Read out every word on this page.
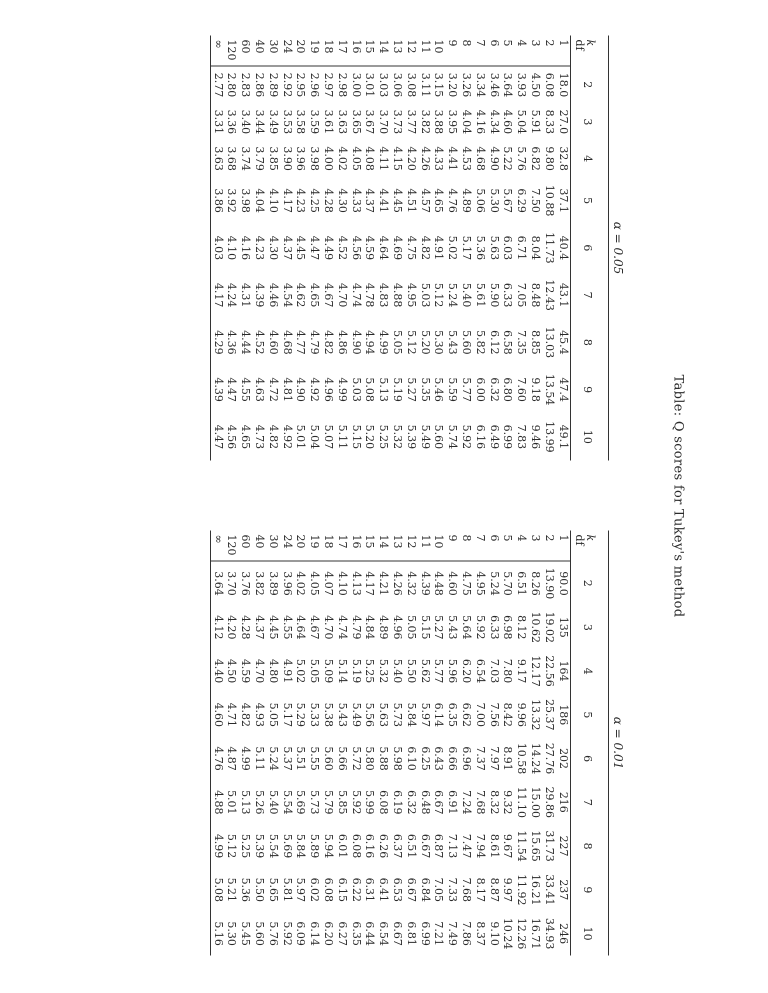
Table: Q scores for Tukey's method
α = 0.05
k	2	3	4	5	6	7	8	9	10
df									
1	18.0	27.0	32.8	37.1	40.4	43.1	45.4	47.4	49.1
2	6.08	8.33	9.80	10.88	11.73	12.43	13.03	13.54	13.99
3	4.50	5.91	6.82	7.50	8.04	8.48	8.85	9.18	9.46
4	3.93	5.04	5.76	6.29	6.71	7.05	7.35	7.60	7.83
5	3.64	4.60	5.22	5.67	6.03	6.33	6.58	6.80	6.99
6	3.46	4.34	4.90	5.30	5.63	5.90	6.12	6.32	6.49
7	3.34	4.16	4.68	5.06	5.36	5.61	5.82	6.00	6.16
8	3.26	4.04	4.53	4.89	5.17	5.40	5.60	5.77	5.92
9	3.20	3.95	4.41	4.76	5.02	5.24	5.43	5.59	5.74
10	3.15	3.88	4.33	4.65	4.91	5.12	5.30	5.46	5.60
11	3.11	3.82	4.26	4.57	4.82	5.03	5.20	5.35	5.49
12	3.08	3.77	4.20	4.51	4.75	4.95	5.12	5.27	5.39
13	3.06	3.73	4.15	4.45	4.69	4.88	5.05	5.19	5.32
14	3.03	3.70	4.11	4.41	4.64	4.83	4.99	5.13	5.25
15	3.01	3.67	4.08	4.37	4.59	4.78	4.94	5.08	5.20
16	3.00	3.65	4.05	4.33	4.56	4.74	4.90	5.03	5.15
17	2.98	3.63	4.02	4.30	4.52	4.70	4.86	4.99	5.11
18	2.97	3.61	4.00	4.28	4.49	4.67	4.82	4.96	5.07
19	2.96	3.59	3.98	4.25	4.47	4.65	4.79	4.92	5.04
20	2.95	3.58	3.96	4.23	4.45	4.62	4.77	4.90	5.01
24	2.92	3.53	3.90	4.17	4.37	4.54	4.68	4.81	4.92
30	2.89	3.49	3.85	4.10	4.30	4.46	4.60	4.72	4.82
40	2.86	3.44	3.79	4.04	4.23	4.39	4.52	4.63	4.73
60	2.83	3.40	3.74	3.98	4.16	4.31	4.44	4.55	4.65
120	2.80	3.36	3.68	3.92	4.10	4.24	4.36	4.47	4.56
∞	2.77	3.31	3.63	3.86	4.03	4.17	4.29	4.39	4.47
α = 0.01
k	2	3	4	5	6	7	8	9	10
df									
1	90.0	135	164	186	202	216	227	237	246
2	13.90	19.02	22.56	25.37	27.76	29.86	31.73	33.41	34.93
3	8.26	10.62	12.17	13.32	14.24	15.00	15.65	16.21	16.71
4	6.51	8.12	9.17	9.96	10.58	11.10	11.54	11.92	12.26
5	5.70	6.98	7.80	8.42	8.91	9.32	9.67	9.97	10.24
6	5.24	6.33	7.03	7.56	7.97	8.32	8.61	8.87	9.10
7	4.95	5.92	6.54	7.00	7.37	7.68	7.94	8.17	8.37
8	4.75	5.64	6.20	6.62	6.96	7.24	7.47	7.68	7.86
9	4.60	5.43	5.96	6.35	6.66	6.91	7.13	7.33	7.49
10	4.48	5.27	5.77	6.14	6.43	6.67	6.87	7.05	7.21
11	4.39	5.15	5.62	5.97	6.25	6.48	6.67	6.84	6.99
12	4.32	5.05	5.50	5.84	6.10	6.32	6.51	6.67	6.81
13	4.26	4.96	5.40	5.73	5.98	6.19	6.37	6.53	6.67
14	4.21	4.89	5.32	5.63	5.88	6.08	6.26	6.41	6.54
15	4.17	4.84	5.25	5.56	5.80	5.99	6.16	6.31	6.44
16	4.13	4.79	5.19	5.49	5.72	5.92	6.08	6.22	6.35
17	4.10	4.74	5.14	5.43	5.66	5.85	6.01	6.15	6.27
18	4.07	4.70	5.09	5.38	5.60	5.79	5.94	6.08	6.20
19	4.05	4.67	5.05	5.33	5.55	5.73	5.89	6.02	6.14
20	4.02	4.64	5.02	5.29	5.51	5.69	5.84	5.97	6.09
24	3.96	4.55	4.91	5.17	5.37	5.54	5.69	5.81	5.92
30	3.89	4.45	4.80	5.05	5.24	5.40	5.54	5.65	5.76
40	3.82	4.37	4.70	4.93	5.11	5.26	5.39	5.50	5.60
60	3.76	4.28	4.59	4.82	4.99	5.13	5.25	5.36	5.45
120	3.70	4.20	4.50	4.71	4.87	5.01	5.12	5.21	5.30
∞	3.64	4.12	4.40	4.60	4.76	4.88	4.99	5.08	5.16
